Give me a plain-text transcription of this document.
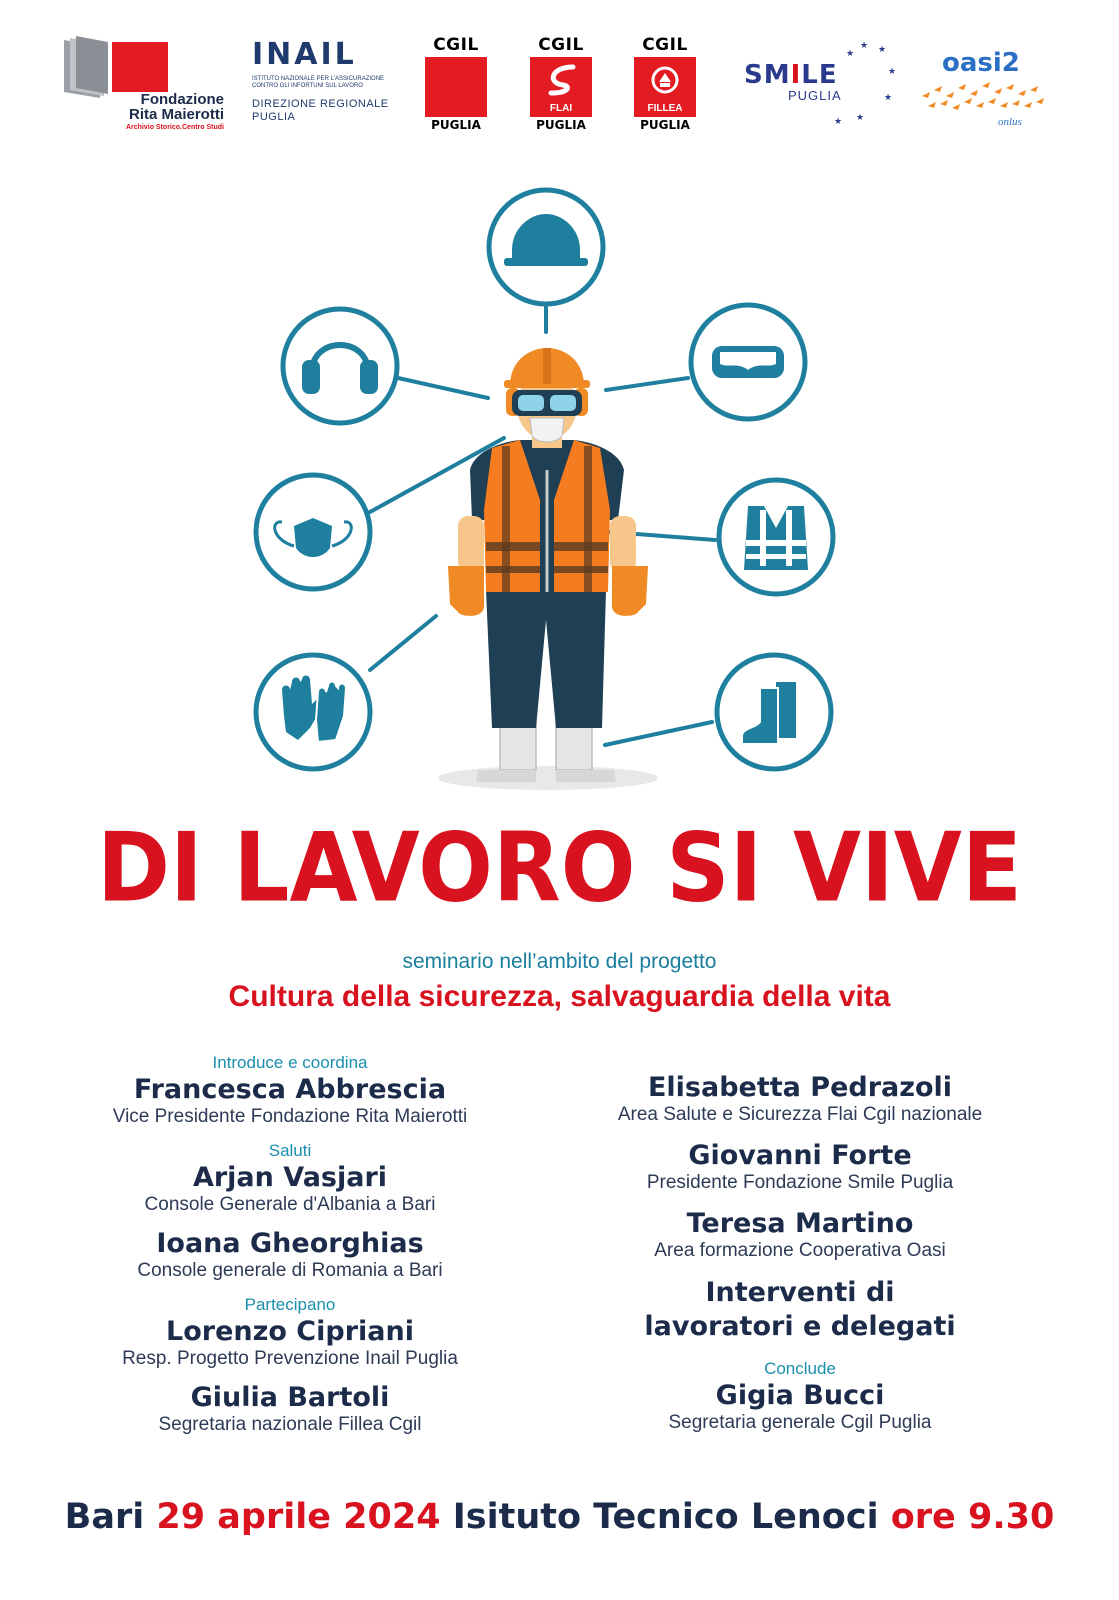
Fondazione
Rita Maierotti
Archivio Storico.Centro Studi
INAIL
ISTITUTO NAZIONALE PER L'ASSICURAZIONE CONTRO GLI INFORTUNI SUL LAVORO
DIREZIONE REGIONALE
PUGLIA
CGIL
PUGLIA
CGIL
FLAI
PUGLIA
CGIL
FILLEA
PUGLIA
★
★ ★
★
★
★
★
SMILE
PUGLIA
oasi2
onlus
DI LAVORO SI VIVE
seminario nell’ambito del progetto
Cultura della sicurezza, salvaguardia della vita
Introduce e coordina
Francesca Abbrescia
Vice Presidente Fondazione Rita Maierotti
Saluti
Arjan Vasjari
Console Generale d'Albania a Bari
Ioana Gheorghias
Console generale di Romania a Bari
Partecipano
Lorenzo Cipriani
Resp. Progetto Prevenzione Inail Puglia
Giulia Bartoli
Segretaria nazionale Fillea Cgil
Elisabetta Pedrazoli
Area Salute e Sicurezza Flai Cgil nazionale
Giovanni Forte
Presidente Fondazione Smile Puglia
Teresa Martino
Area formazione Cooperativa Oasi
Interventi di
lavoratori e delegati
Conclude
Gigia Bucci
Segretaria generale Cgil Puglia
Bari 29 aprile 2024 Isituto Tecnico Lenoci ore 9.30
